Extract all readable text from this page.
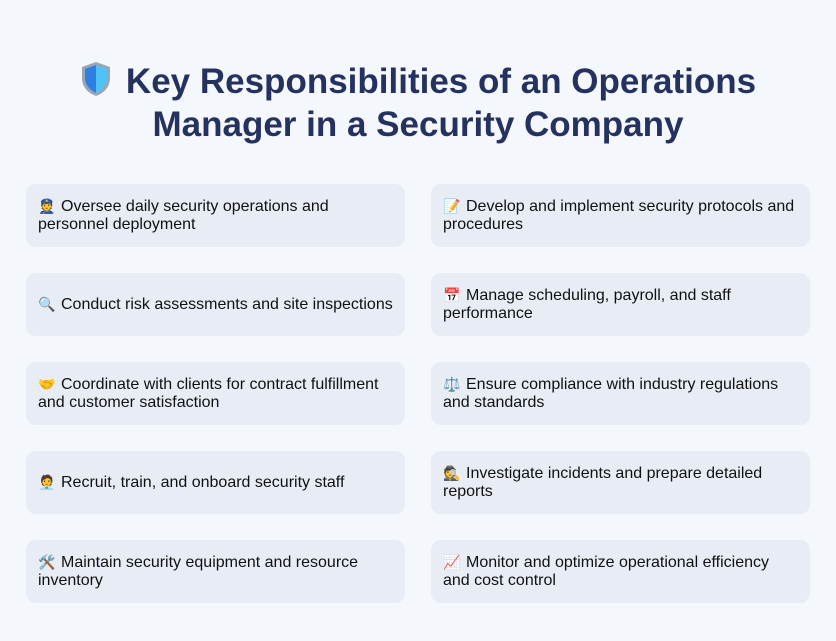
Key Responsibilities of an Operations
Manager in a Security Company
👮 Oversee daily security operations and personnel deployment
📝 Develop and implement security protocols and procedures
🔍 Conduct risk assessments and site inspections
📅 Manage scheduling, payroll, and staff performance
🤝 Coordinate with clients for contract fulfillment and customer satisfaction
⚖️ Ensure compliance with industry regulations and standards
🧑‍💼 Recruit, train, and onboard security staff
🕵️ Investigate incidents and prepare detailed reports
🛠️ Maintain security equipment and resource inventory
📈 Monitor and optimize operational efficiency and cost control
